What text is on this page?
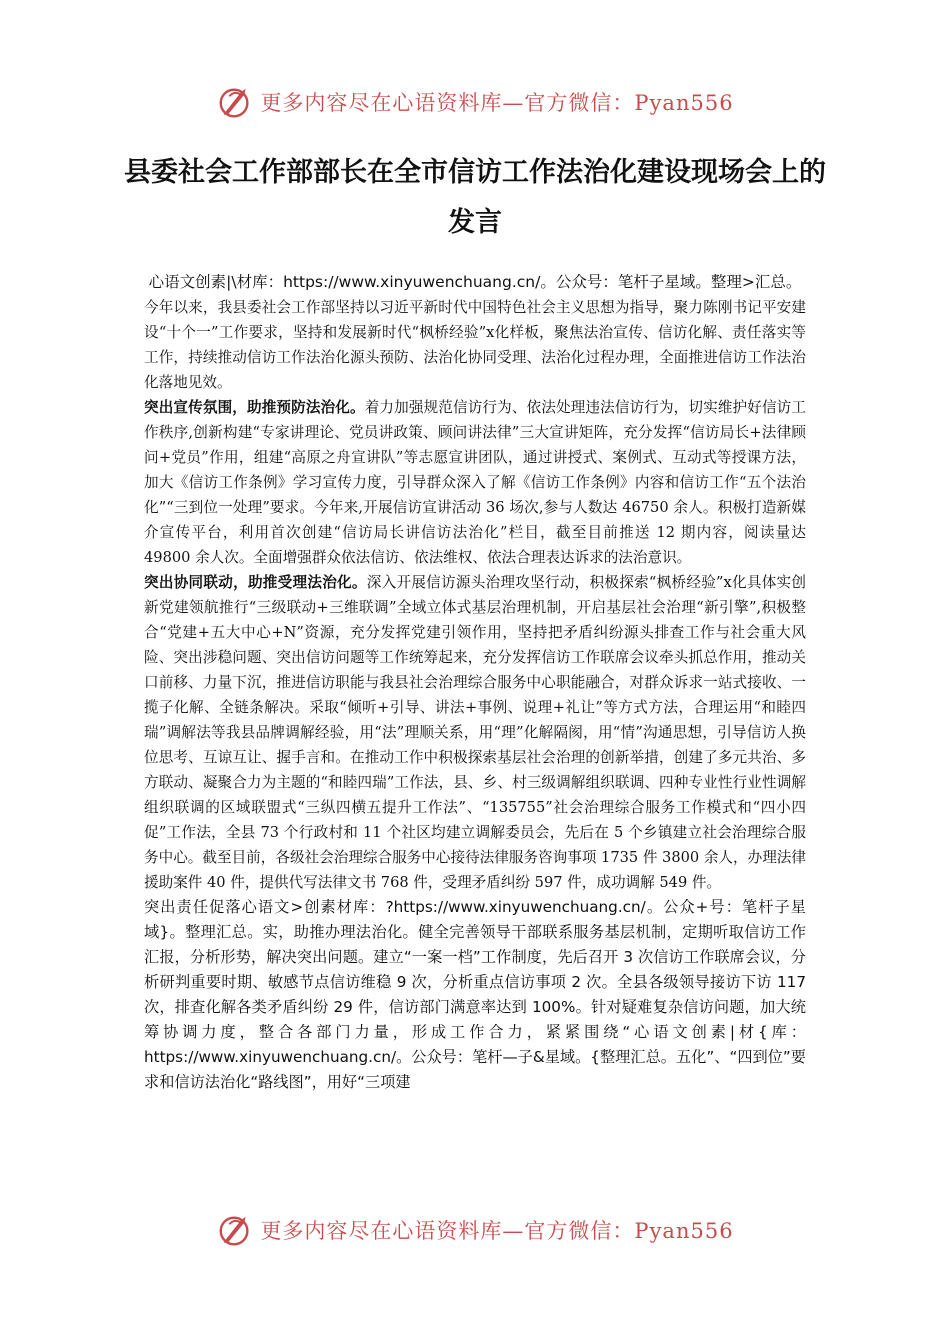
更多内容尽在心语资料库—官方微信：Pyan556
县委社会工作部部长在全市信访工作法治化建设现场会上的发言

心语文创素|\材库：https://www.xinyuwenchuang.cn/。公众号：笔杆子星域。整理>汇总。

今年以来，我县委社会工作部坚持以习近平新时代中国特色社会主义思想为指导，聚力陈刚书记平安建设“十个一”工作要求，坚持和发展新时代“枫桥经验”x化样板，聚焦法治宣传、信访化解、责任落实等工作，持续推动信访工作法治化源头预防、法治化协同受理、法治化过程办理，全面推进信访工作法治化落地见效。

突出宣传氛围，助推预防法治化。着力加强规范信访行为、依法处理违法信访行为，切实维护好信访工作秩序,创新构建“专家讲理论、党员讲政策、顾问讲法律”三大宣讲矩阵，充分发挥“信访局长+法律顾问+党员”作用，组建“高原之舟宣讲队”等志愿宣讲团队，通过讲授式、案例式、互动式等授课方法，加大《信访工作条例》学习宣传力度，引导群众深入了解《信访工作条例》内容和信访工作“五个法治化”“三到位一处理”要求。今年来,开展信访宣讲活动 36 场次,参与人数达 46750 余人。积极打造新媒介宣传平台，利用首次创建“信访局长讲信访法治化”栏目，截至目前推送 12 期内容，阅读量达 49800 余人次。全面增强群众依法信访、依法维权、依法合理表达诉求的法治意识。

突出协同联动，助推受理法治化。深入开展信访源头治理攻坚行动，积极探索“枫桥经验”x化具体实创新党建领航推行“三级联动+三维联调”全域立体式基层治理机制，开启基层社会治理“新引擎”,积极整合“党建+五大中心+N”资源，充分发挥党建引领作用，坚持把矛盾纠纷源头排查工作与社会重大风险、突出涉稳问题、突出信访问题等工作统筹起来，充分发挥信访工作联席会议牵头抓总作用，推动关口前移、力量下沉，推进信访职能与我县社会治理综合服务中心职能融合，对群众诉求一站式接收、一揽子化解、全链条解决。采取“倾听+引导、讲法+事例、说理+礼让”等方式方法，合理运用“和睦四瑞”调解法等我县品牌调解经验，用“法”理顺关系，用“理”化解隔阂，用“情”沟通思想，引导信访人换位思考、互谅互让、握手言和。在推动工作中积极探索基层社会治理的创新举措，创建了多元共治、多方联动、凝聚合力为主题的“和睦四瑞”工作法，县、乡、村三级调解组织联调、四种专业性行业性调解组织联调的区域联盟式“三纵四横五提升工作法”、“135755”社会治理综合服务工作模式和“四小四促”工作法，全县 73 个行政村和 11 个社区均建立调解委员会，先后在 5 个乡镇建立社会治理综合服务中心。截至目前，各级社会治理综合服务中心接待法律服务咨询事项 1735 件 3800 余人，办理法律援助案件 40 件，提供代写法律文书 768 件，受理矛盾纠纷 597 件，成功调解 549 件。

突出责任促落心语文>创素材库：?https://www.xinyuwenchuang.cn/。公众+号：笔杆子星域}。整理汇总。实，助推办理法治化。健全完善领导干部联系服务基层机制，定期听取信访工作汇报，分析形势，解决突出问题。建立“一案一档”工作制度，先后召开 3 次信访工作联席会议，分析研判重要时期、敏感节点信访维稳 9 次，分析重点信访事项 2 次。全县各级领导接访下访 117 次，排查化解各类矛盾纠纷 29 件，信访部门满意率达到 100%。针对疑难复杂信访问题，加大统筹协调力度，整合各部门力量，形成工作合力，紧紧围绕“心语文创素|材{库：https://www.xinyuwenchuang.cn/。公众号：笔杆—子&星域。{整理汇总。五化”、“四到位”要求和信访法治化“路线图”，用好“三项建

更多内容尽在心语资料库—官方微信：Pyan556
